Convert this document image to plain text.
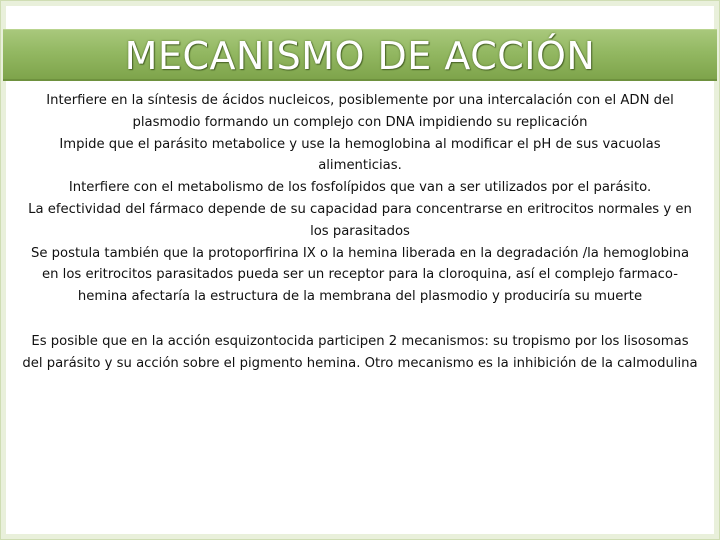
MECANISMO DE ACCIÓN

Interfiere en la síntesis de ácidos nucleicos, posiblemente por una intercalación con el ADN del plasmodio formando un complejo con DNA impidiendo su replicación

Impide que el parásito metabolice y use la hemoglobina al modificar el pH de sus vacuolas alimenticias.

Interfiere con el metabolismo de los fosfolípidos que van a ser utilizados por el parásito.

La efectividad del fármaco depende de su capacidad para concentrarse en eritrocitos normales y en los parasitados

Se postula también que la protoporfirina IX o la hemina liberada en la degradación /la hemoglobina en los eritrocitos parasitados pueda ser un receptor para la cloroquina, así el complejo farmaco-hemina afectaría la estructura de la membrana del plasmodio y produciría su muerte

Es posible que en la acción esquizontocida participen 2 mecanismos: su tropismo por los lisosomas del parásito y su acción sobre el pigmento hemina. Otro mecanismo es la inhibición de la calmodulina
